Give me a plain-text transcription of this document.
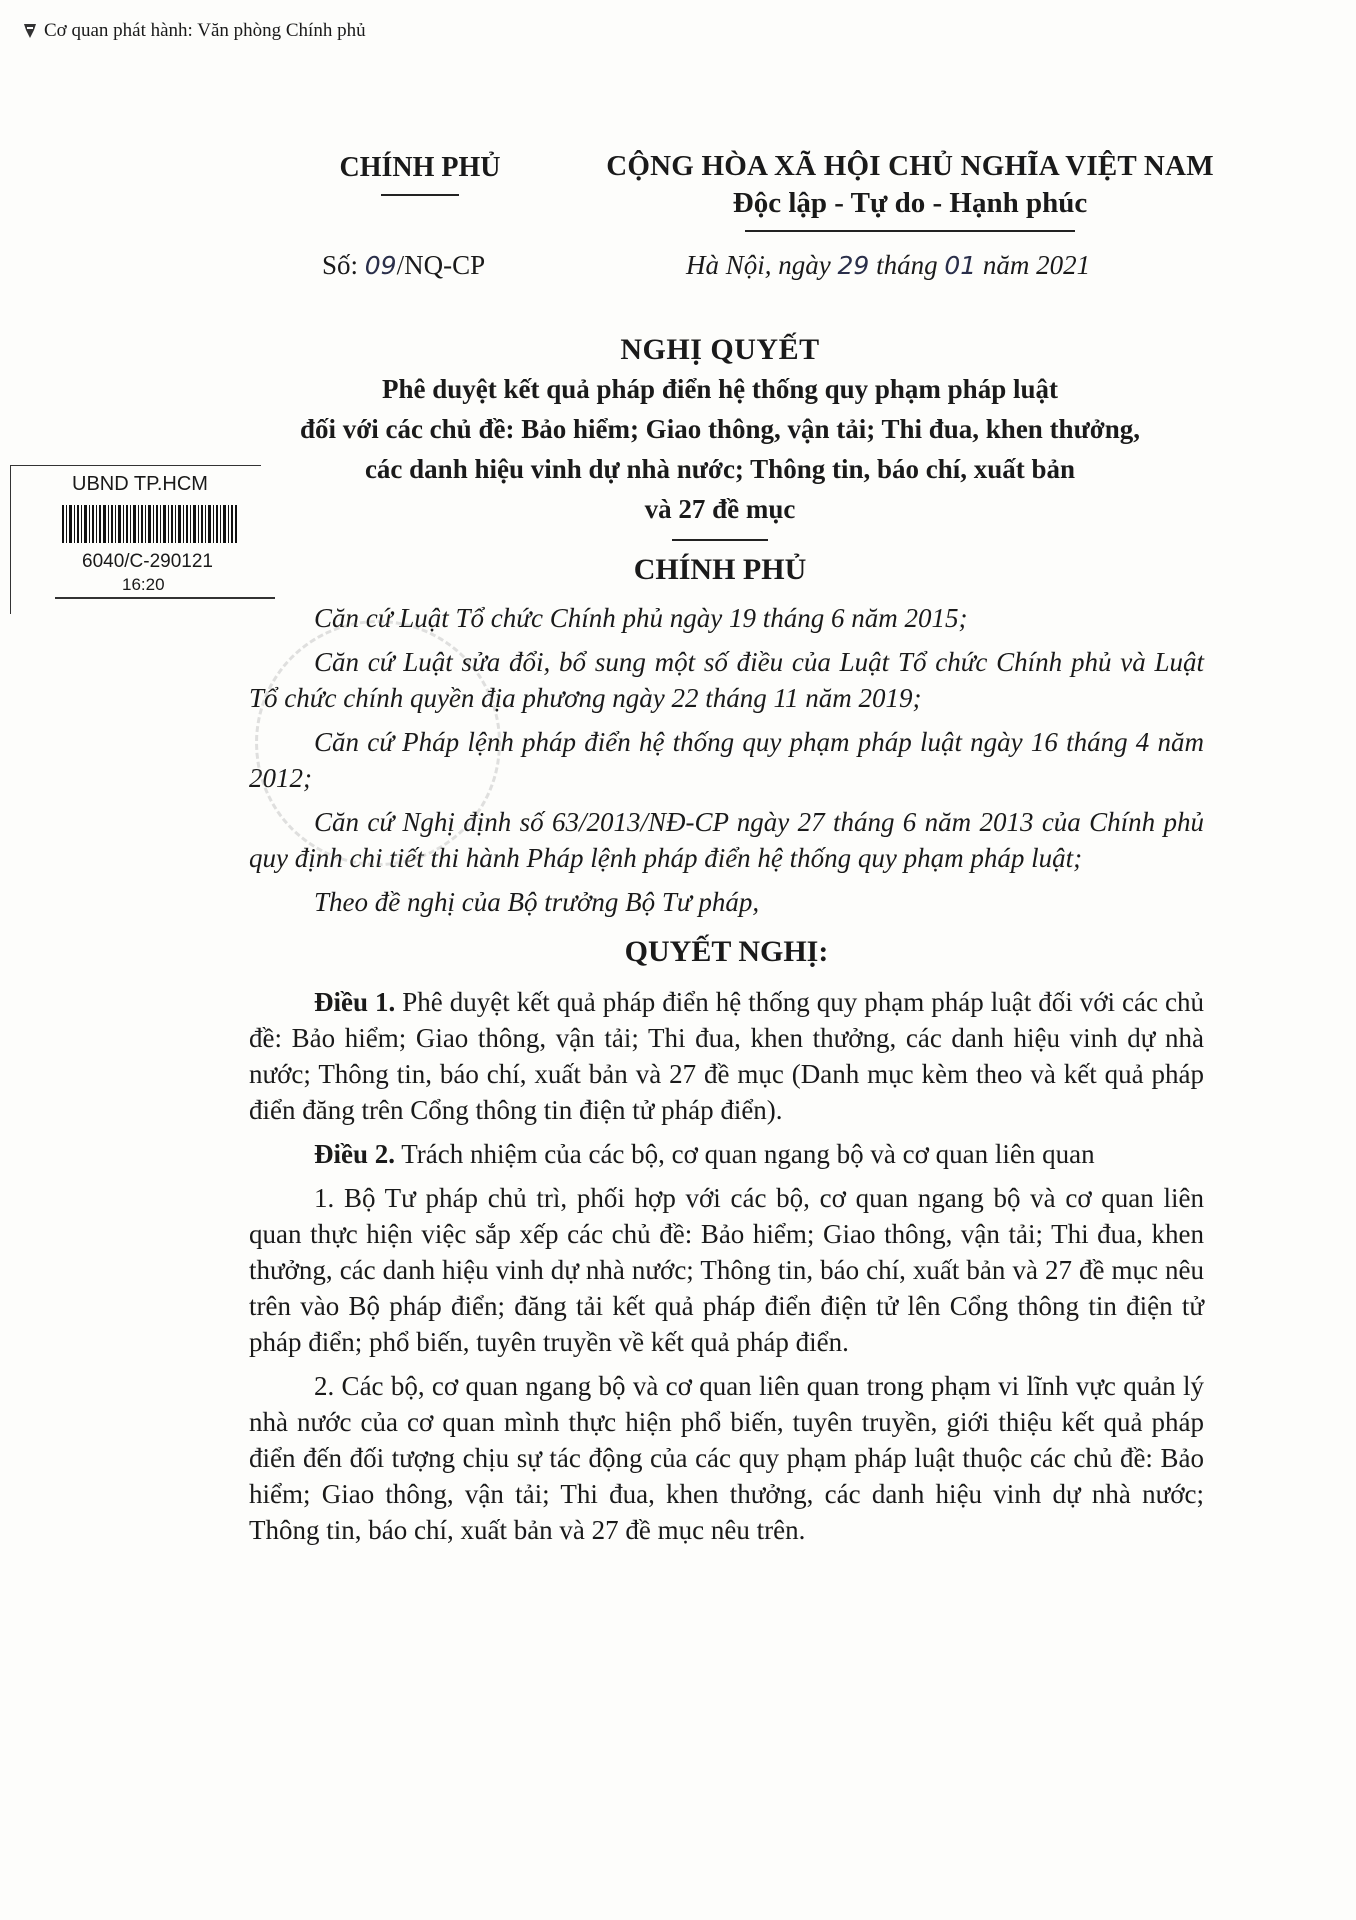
Cơ quan phát hành: Văn phòng Chính phủ
CHÍNH PHỦ	CỘNG HÒA XÃ HỘI CHỦ NGHĨA VIỆT NAM
Độc lập - Tự do - Hạnh phúc
Số: 09/NQ-CP	Hà Nội, ngày 29 tháng 01 năm 2021
NGHỊ QUYẾT
Phê duyệt kết quả pháp điển hệ thống quy phạm pháp luật
đối với các chủ đề: Bảo hiểm; Giao thông, vận tải; Thi đua, khen thưởng,
các danh hiệu vinh dự nhà nước; Thông tin, báo chí, xuất bản
và 27 đề mục
CHÍNH PHỦ

Căn cứ Luật Tổ chức Chính phủ ngày 19 tháng 6 năm 2015;

Căn cứ Luật sửa đổi, bổ sung một số điều của Luật Tổ chức Chính phủ và Luật Tổ chức chính quyền địa phương ngày 22 tháng 11 năm 2019;

Căn cứ Pháp lệnh pháp điển hệ thống quy phạm pháp luật ngày 16 tháng 4 năm 2012;

Căn cứ Nghị định số 63/2013/NĐ-CP ngày 27 tháng 6 năm 2013 của Chính phủ quy định chi tiết thi hành Pháp lệnh pháp điển hệ thống quy phạm pháp luật;

Theo đề nghị của Bộ trưởng Bộ Tư pháp,

QUYẾT NGHỊ:

Điều 1. Phê duyệt kết quả pháp điển hệ thống quy phạm pháp luật đối với các chủ đề: Bảo hiểm; Giao thông, vận tải; Thi đua, khen thưởng, các danh hiệu vinh dự nhà nước; Thông tin, báo chí, xuất bản và 27 đề mục (Danh mục kèm theo và kết quả pháp điển đăng trên Cổng thông tin điện tử pháp điển).

Điều 2. Trách nhiệm của các bộ, cơ quan ngang bộ và cơ quan liên quan

1. Bộ Tư pháp chủ trì, phối hợp với các bộ, cơ quan ngang bộ và cơ quan liên quan thực hiện việc sắp xếp các chủ đề: Bảo hiểm; Giao thông, vận tải; Thi đua, khen thưởng, các danh hiệu vinh dự nhà nước; Thông tin, báo chí, xuất bản và 27 đề mục nêu trên vào Bộ pháp điển; đăng tải kết quả pháp điển điện tử lên Cổng thông tin điện tử pháp điển; phổ biến, tuyên truyền về kết quả pháp điển.

2. Các bộ, cơ quan ngang bộ và cơ quan liên quan trong phạm vi lĩnh vực quản lý nhà nước của cơ quan mình thực hiện phổ biến, tuyên truyền, giới thiệu kết quả pháp điển đến đối tượng chịu sự tác động của các quy phạm pháp luật thuộc các chủ đề: Bảo hiểm; Giao thông, vận tải; Thi đua, khen thưởng, các danh hiệu vinh dự nhà nước; Thông tin, báo chí, xuất bản và 27 đề mục nêu trên.

UBND TP.HCM
6040/C-290121
16:20
